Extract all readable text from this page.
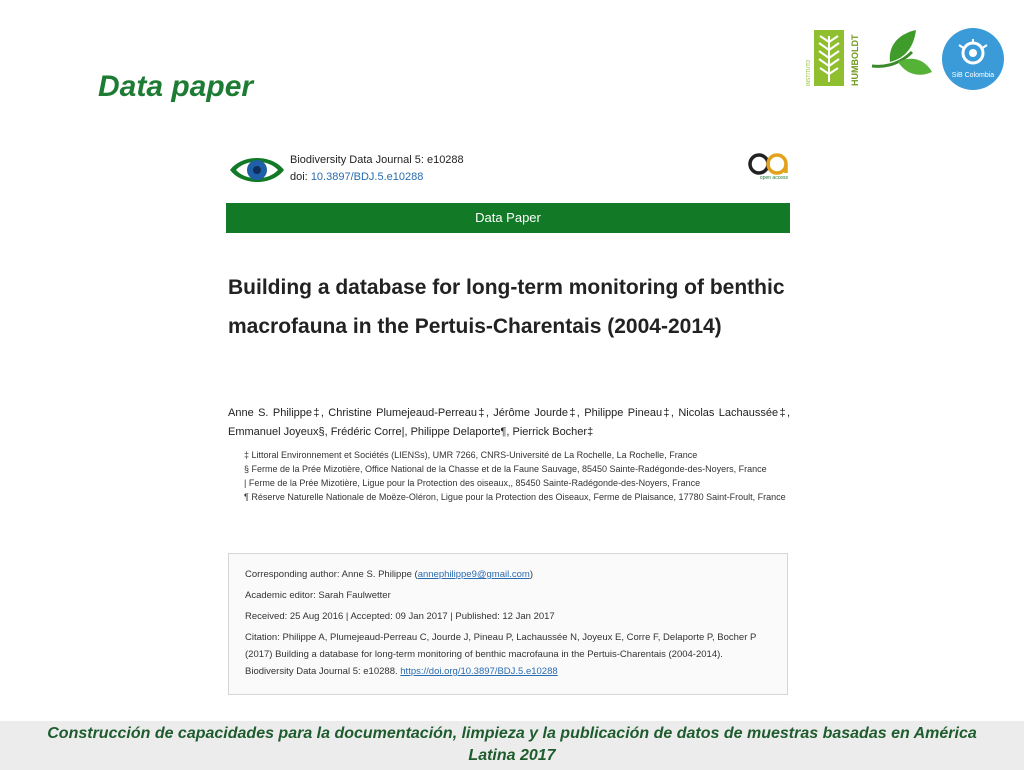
Data paper	INSTITUTO	HUMBOLDT	SiB Colombia
Biodiversity Data Journal 5: e10288
doi: 10.3897/BDJ.5.e10288	open access
Data Paper
Building a database for long-term monitoring of benthic macrofauna in the Pertuis-Charentais (2004-2014)
Anne S. Philippe‡, Christine Plumejeaud-Perreau‡, Jérôme Jourde‡, Philippe Pineau‡, Nicolas Lachaussée‡, Emmanuel Joyeux§, Frédéric Corre|, Philippe Delaporte¶, Pierrick Bocher‡
‡ Littoral Environnement et Sociétés (LIENSs), UMR 7266, CNRS-Université de La Rochelle, La Rochelle, France
§ Ferme de la Prée Mizotière, Office National de la Chasse et de la Faune Sauvage, 85450 Sainte-Radégonde-des-Noyers, France
| Ferme de la Prée Mizotière, Ligue pour la Protection des oiseaux,, 85450 Sainte-Radégonde-des-Noyers, France
¶ Réserve Naturelle Nationale de Moëze-Oléron, Ligue pour la Protection des Oiseaux, Ferme de Plaisance, 17780 Saint-Froult, France
Corresponding author: Anne S. Philippe (annephilippe9@gmail.com)
Academic editor: Sarah Faulwetter
Received: 25 Aug 2016 | Accepted: 09 Jan 2017 | Published: 12 Jan 2017
Citation: Philippe A, Plumejeaud-Perreau C, Jourde J, Pineau P, Lachaussée N, Joyeux E, Corre F, Delaporte P, Bocher P (2017) Building a database for long-term monitoring of benthic macrofauna in the Pertuis-Charentais (2004-2014). Biodiversity Data Journal 5: e10288. https://doi.org/10.3897/BDJ.5.e10288
Construcción de capacidades para la documentación, limpieza y la publicación de datos de muestras basadas en América
Latina 2017
